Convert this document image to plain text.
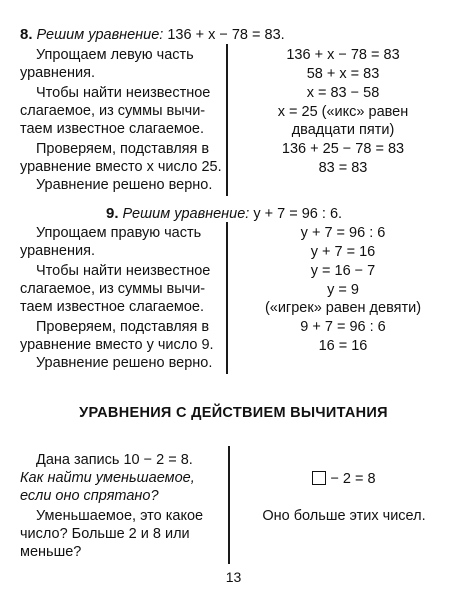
8. Решим уравнение: 136 + x − 78 = 83.
Упрощаем левую часть
уравнения.
Чтобы найти неизвестное
слагаемое, из суммы вычи-
таем известное слагаемое.
Проверяем, подставляя в
уравнение вместо x число 25.
Уравнение решено верно.
136 + x − 78 = 83
58 + x = 83
x = 83 − 58
x = 25 («икс» равен
двадцати пяти)
136 + 25 − 78 = 83
83 = 83
9. Решим уравнение: y + 7 = 96 : 6.
Упрощаем правую часть
уравнения.
Чтобы найти неизвестное
слагаемое, из суммы вычи-
таем известное слагаемое.
Проверяем, подставляя в
уравнение вместо y число 9.
Уравнение решено верно.
y + 7 = 96 : 6
y + 7 = 16
y = 16 − 7
y = 9
(«игрек» равен девяти)
9 + 7 = 96 : 6
16 = 16
УРАВНЕНИЯ С ДЕЙСТВИЕМ ВЫЧИТАНИЯ
Дана запись 10 − 2 = 8.
Как найти уменьшаемое,
если оно спрятано?
Уменьшаемое, это какое
число? Больше 2 и 8 или
меньше?
− 2 = 8
Оно больше этих чисел.
13
